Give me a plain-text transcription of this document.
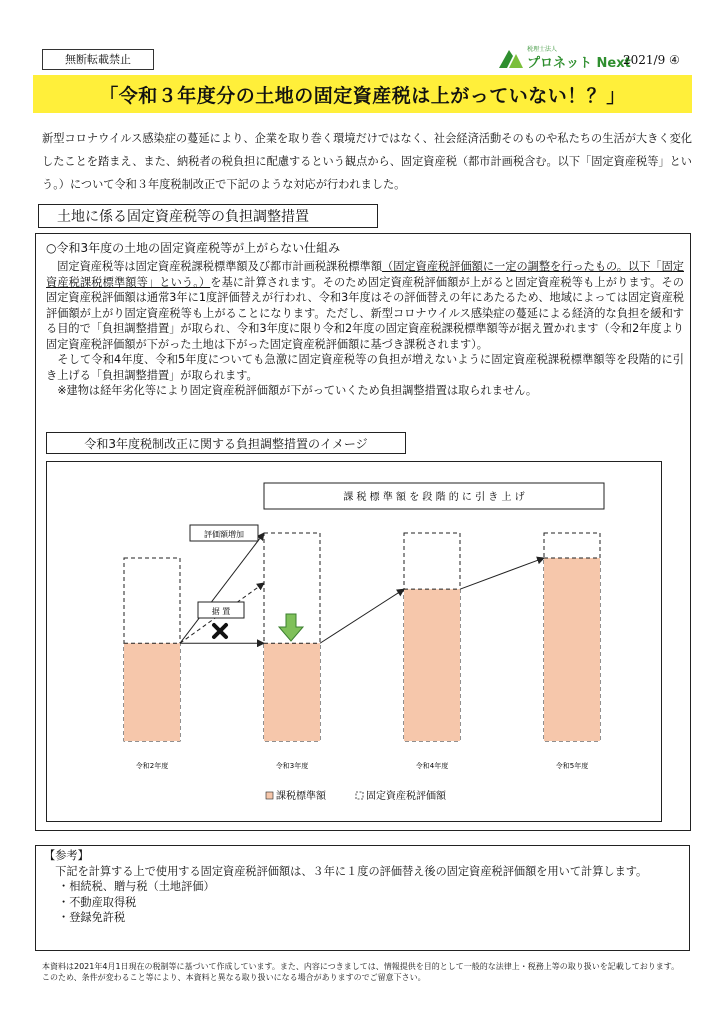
無断転載禁止
税理士法人
プロネット Next
2021/9 ④
「令和３年度分の土地の固定資産税は上がっていない！？」
新型コロナウイルス感染症の蔓延により、企業を取り巻く環境だけではなく、社会経済活動そのものや私たちの生活が大きく変化したことを踏まえ、また、納税者の税負担に配慮するという観点から、固定資産税（都市計画税含む。以下「固定資産税等」という。）について令和３年度税制改正で下記のような対応が行われました。
土地に係る固定資産税等の負担調整措置
○令和3年度の土地の固定資産税等が上がらない仕組み

　固定資産税等は固定資産税課税標準額及び都市計画税課税標準額（固定資産税評価額に一定の調整を行ったもの。以下「固定資産税課税標準額等」という。）を基に計算されます。そのため固定資産税評価額が上がると固定資産税等も上がります。その固定資産税評価額は通常3年に1度評価替えが行われ、令和3年度はその評価替えの年にあたるため、地域によっては固定資産税評価額が上がり固定資産税等も上がることになります。ただし、新型コロナウイルス感染症の蔓延による経済的な負担を緩和する目的で「負担調整措置」が取られ、令和3年度に限り令和2年度の固定資産税課税標準額等が据え置かれます（令和2年度より固定資産税評価額が下がった土地は下がった固定資産税評価額に基づき課税されます）。

　そして令和4年度、令和5年度についても急激に固定資産税等の負担が増えないように固定資産税課税標準額等を段階的に引き上げる「負担調整措置」が取られます。

　※建物は経年劣化等により固定資産税評価額が下がっていくため負担調整措置は取られません。

令和3年度税制改正に関する負担調整措置のイメージ
令和2年度	令和3年度	令和4年度	令和5年度
課 税 標 準 額 を 段 階 的 に 引 き 上 げ
評価額増加
据 置
課税標準額	固定資産税評価額

【参考】

　下記を計算する上で使用する固定資産税評価額は、３年に１度の評価替え後の固定資産税評価額を用いて計算します。

・相続税、贈与税（土地評価）

・不動産取得税

・登録免許税

本資料は2021年4月1日現在の税制等に基づいて作成しています。また、内容につきましては、情報提供を目的として一般的な法律上・税務上等の取り扱いを記載しております。このため、条件が変わること等により、本資料と異なる取り扱いになる場合がありますのでご留意下さい。
